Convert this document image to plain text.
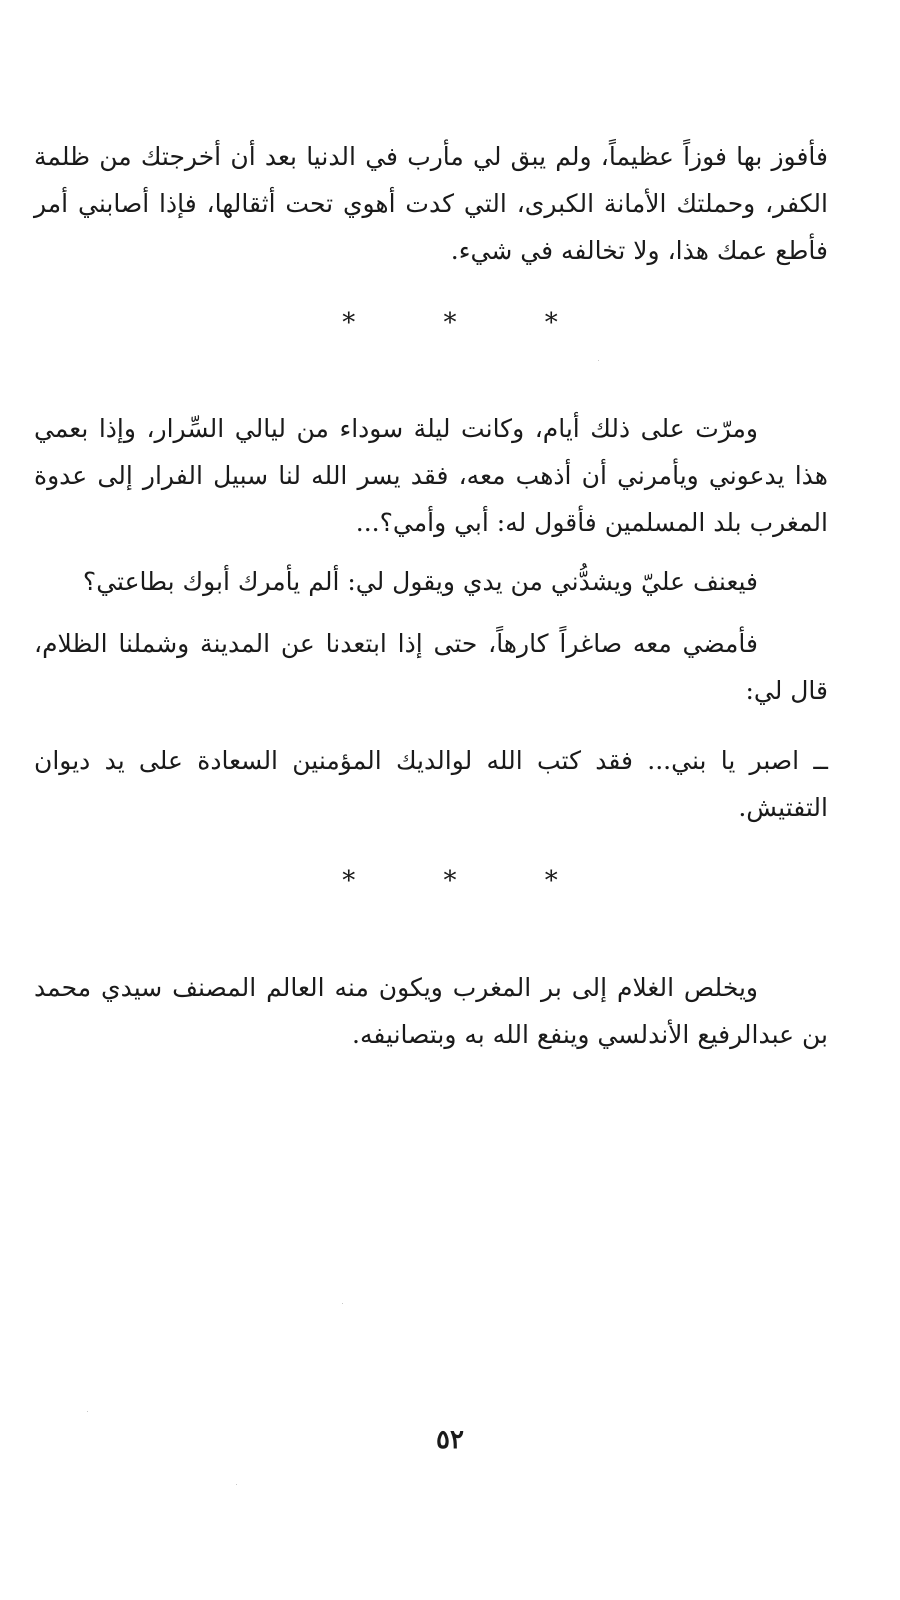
فأفوز بها فوزاً عظيماً، ولم يبق لي مأرب في الدنيا بعد أن أخرجتك من ظلمة الكفر، وحملتك الأمانة الكبرى، التي كدت أهوي تحت أثقالها، فإذا أصابني أمر فأطع عمك هذا، ولا تخالفه في شيء.

* * *

ومرّت على ذلك أيام، وكانت ليلة سوداء من ليالي السِّرار، وإذا بعمي هذا يدعوني ويأمرني أن أذهب معه، فقد يسر الله لنا سبيل الفرار إلى عدوة المغرب بلد المسلمين فأقول له: أبي وأمي؟...

فيعنف عليّ ويشدُّني من يدي ويقول لي: ألم يأمرك أبوك بطاعتي؟

فأمضي معه صاغراً كارهاً، حتى إذا ابتعدنا عن المدينة وشملنا الظلام، قال لي:

ــ اصبر يا بني... فقد كتب الله لوالديك المؤمنين السعادة على يد ديوان التفتيش.

* * *

ويخلص الغلام إلى بر المغرب ويكون منه العالم المصنف سيدي محمد بن عبدالرفيع الأندلسي وينفع الله به وبتصانيفه.

٥٢
